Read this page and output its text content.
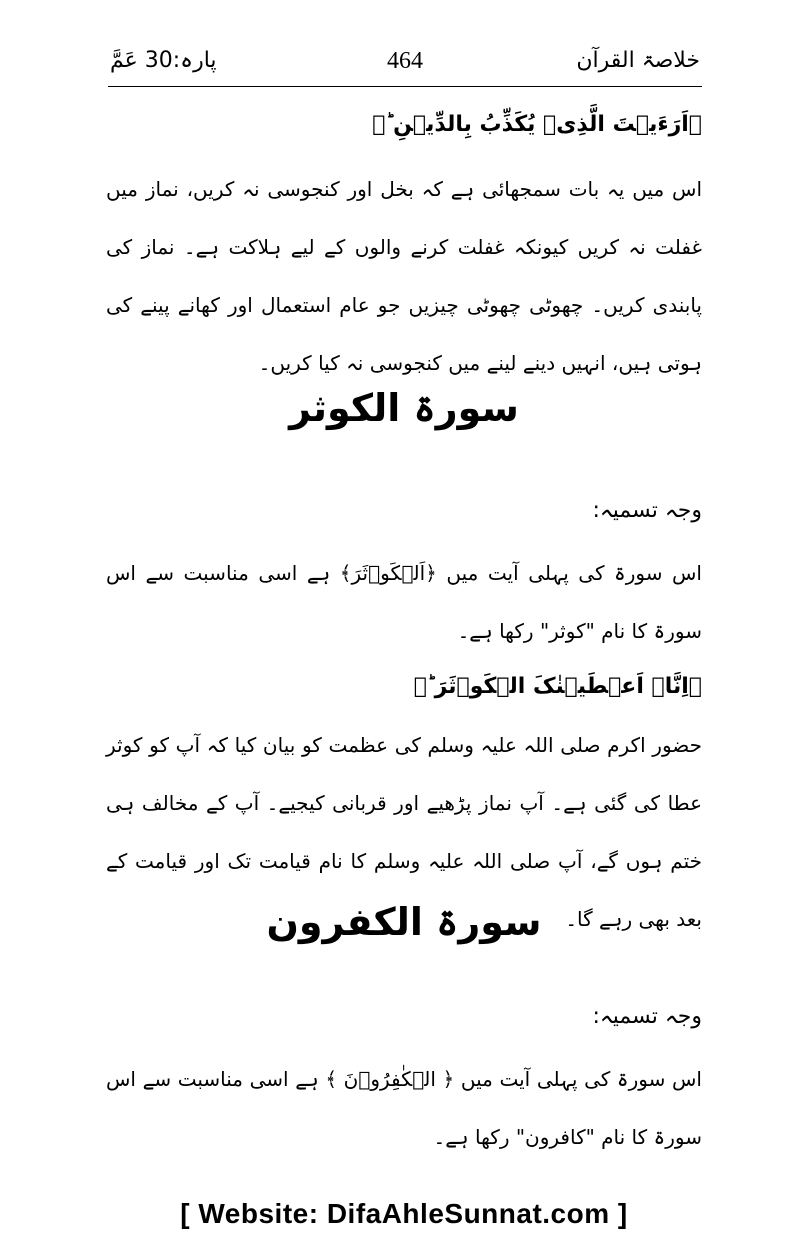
خلاصۃ القرآن
464
پارہ:30 عَمَّ
﴿اَرَءَیۡتَ الَّذِیۡ یُکَذِّبُ بِالدِّیۡنِ ؕ﴾
اس میں یہ بات سمجھائی ہے کہ بخل اور کنجوسی نہ کریں، نماز میں غفلت نہ کریں کیونکہ غفلت کرنے والوں کے لیے ہلاکت ہے۔ نماز کی پابندی کریں۔ چھوٹی چھوٹی چیزیں جو عام استعمال اور کھانے پینے کی ہوتی ہیں، انہیں دینے لینے میں کنجوسی نہ کیا کریں۔
سورۃ الکوثر
وجہ تسمیہ:
اس سورۃ کی پہلی آیت میں ﴿اَلۡکَوۡثَرَ﴾ ہے اسی مناسبت سے اس سورۃ کا نام "کوثر" رکھا ہے۔
﴿اِنَّاۤ اَعۡطَیۡنٰکَ الۡکَوۡثَرَ ؕ﴾
حضور اکرم صلی اللہ علیہ وسلم کی عظمت کو بیان کیا کہ آپ کو کوثر عطا کی گئی ہے۔ آپ نماز پڑھیے اور قربانی کیجیے۔ آپ کے مخالف ہی ختم ہوں گے، آپ صلی اللہ علیہ وسلم کا نام قیامت تک اور قیامت کے بعد بھی رہے گا۔
سورۃ الکفرون
وجہ تسمیہ:
اس سورۃ کی پہلی آیت میں ﴿ الۡکٰفِرُوۡنَ ﴾ ہے اسی مناسبت سے اس سورۃ کا نام "کافرون" رکھا ہے۔
[ Website: DifaAhleSunnat.com ]
